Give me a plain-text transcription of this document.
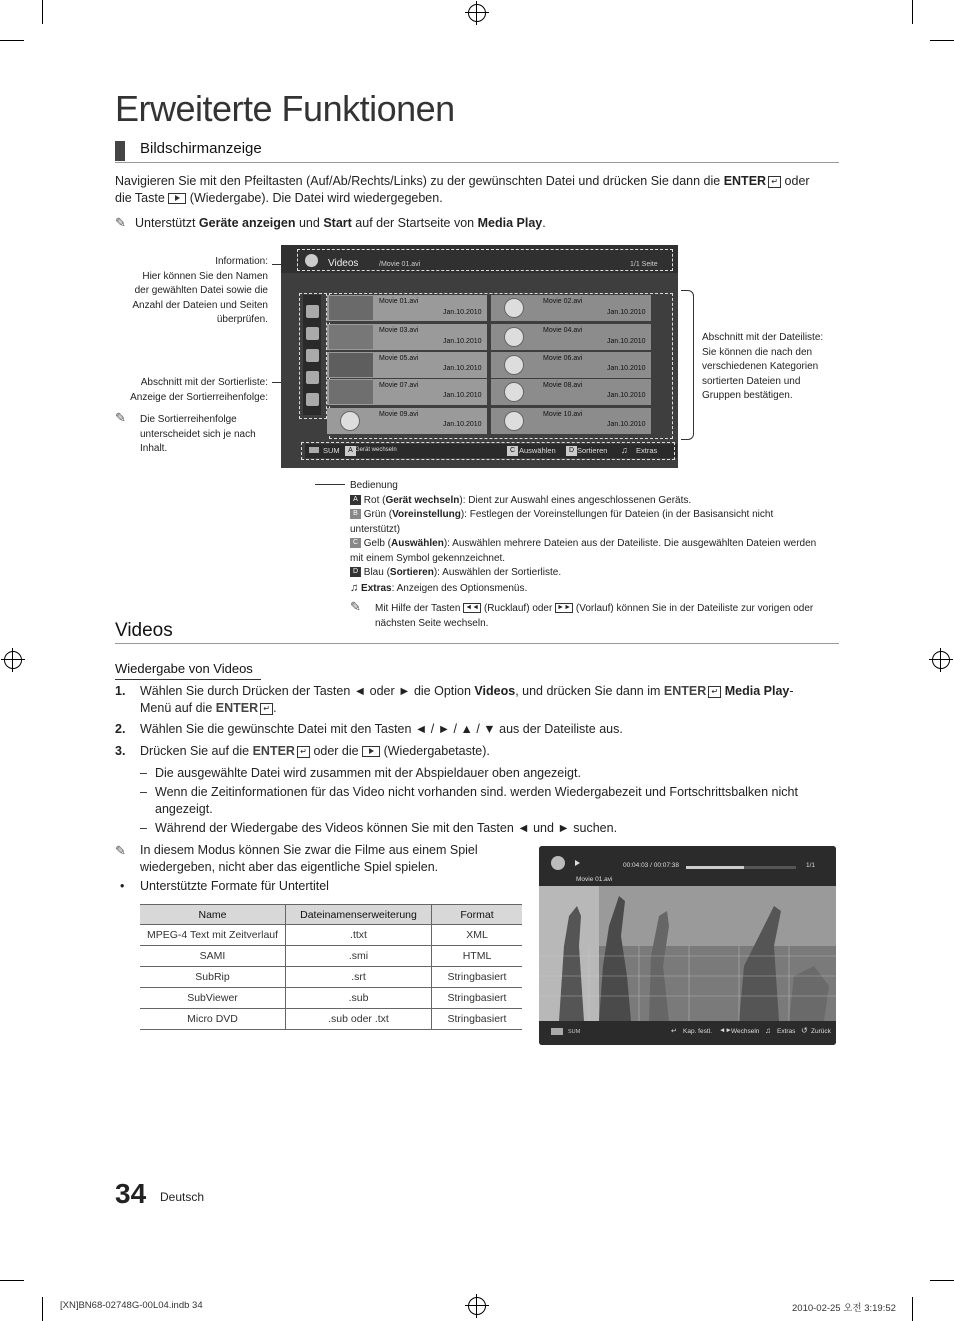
Erweiterte Funktionen
Bildschirmanzeige
Navigieren Sie mit den Pfeiltasten (Auf/Ab/Rechts/Links) zu der gewünschten Datei und drücken Sie dann die ENTER ↵ oder
die Taste (Wiedergabe). Die Datei wird wiedergegeben.
✎ Unterstützt Geräte anzeigen und Start auf der Startseite von Media Play.
Information:
Hier können Sie den Namen
der gewählten Datei sowie die
Anzahl der Dateien und Seiten
überprüfen.
Abschnitt mit der Sortierliste:
Anzeige der Sortierreihenfolge:
✎	Die Sortierreihenfolge
unterscheidet sich je nach
Inhalt.
Videos	/Movie 01.avi	1/1 Seite
Movie 01.avi
Jan.10.2010
Movie 02.avi
Jan.10.2010
Movie 03.avi
Jan.10.2010
Movie 04.avi
Jan.10.2010
Movie 05.avi
Jan.10.2010
Movie 06.avi
Jan.10.2010
Movie 07.avi
Jan.10.2010
Movie 08.avi
Jan.10.2010
Movie 09.avi
Jan.10.2010
Movie 10.avi
Jan.10.2010
SUM	A Gerät wechseln	C Auswählen	D Sortieren ♫ Extras
Abschnitt mit der Dateiliste:
Sie können die nach den
verschiedenen Kategorien
sortierten Dateien und
Gruppen bestätigen.
Bedienung
A Rot (Gerät wechseln): Dient zur Auswahl eines angeschlossenen Geräts.
B Grün (Voreinstellung): Festlegen der Voreinstellungen für Dateien (in der Basisansicht nicht
unterstützt)
C Gelb (Auswählen): Auswählen mehrere Dateien aus der Dateiliste. Die ausgewählten Dateien werden
mit einem Symbol gekennzeichnet.
D Blau (Sortieren): Auswählen der Sortierliste.
♫ Extras: Anzeigen des Optionsmenüs.
✎	Mit Hilfe der Tasten ◄◄ (Rucklauf) oder ►► (Vorlauf) können Sie in der Dateiliste zur vorigen oder
nächsten Seite wechseln.
Videos
Wiedergabe von Videos
1. Wählen Sie durch Drücken der Tasten ◄ oder ► die Option Videos, und drücken Sie dann im ENTER ↵ Media Play-
Menü auf die ENTER ↵ .
2. Wählen Sie die gewünschte Datei mit den Tasten ◄ / ► / ▲ / ▼ aus der Dateiliste aus.
3. Drücken Sie auf die ENTER ↵ oder die (Wiedergabetaste).
– Die ausgewählte Datei wird zusammen mit der Abspieldauer oben angezeigt.
– Wenn die Zeitinformationen für das Video nicht vorhanden sind. werden Wiedergabezeit und Fortschrittsbalken nicht
angezeigt.
– Während der Wiedergabe des Videos können Sie mit den Tasten ◄ und ► suchen.
✎	In diesem Modus können Sie zwar die Filme aus einem Spiel
wiedergeben, nicht aber das eigentliche Spiel spielen.
• Unterstützte Formate für Untertitel
Name	Dateinamenserweiterung	Format
MPEG-4 Text mit Zeitverlauf	.ttxt	XML
SAMI	.smi	HTML
SubRip	.srt	Stringbasiert
SubViewer	.sub	Stringbasiert
Micro DVD	.sub oder .txt	Stringbasiert
00:04:03 / 00:07:38	1/1
Movie 01.avi
SUM	↵ Kap. festl. ◄► Wechseln ♫ Extras ↺ Zurück
34 Deutsch
[XN]BN68-02748G-00L04.indb 34	2010-02-25 오전 3:19:52
